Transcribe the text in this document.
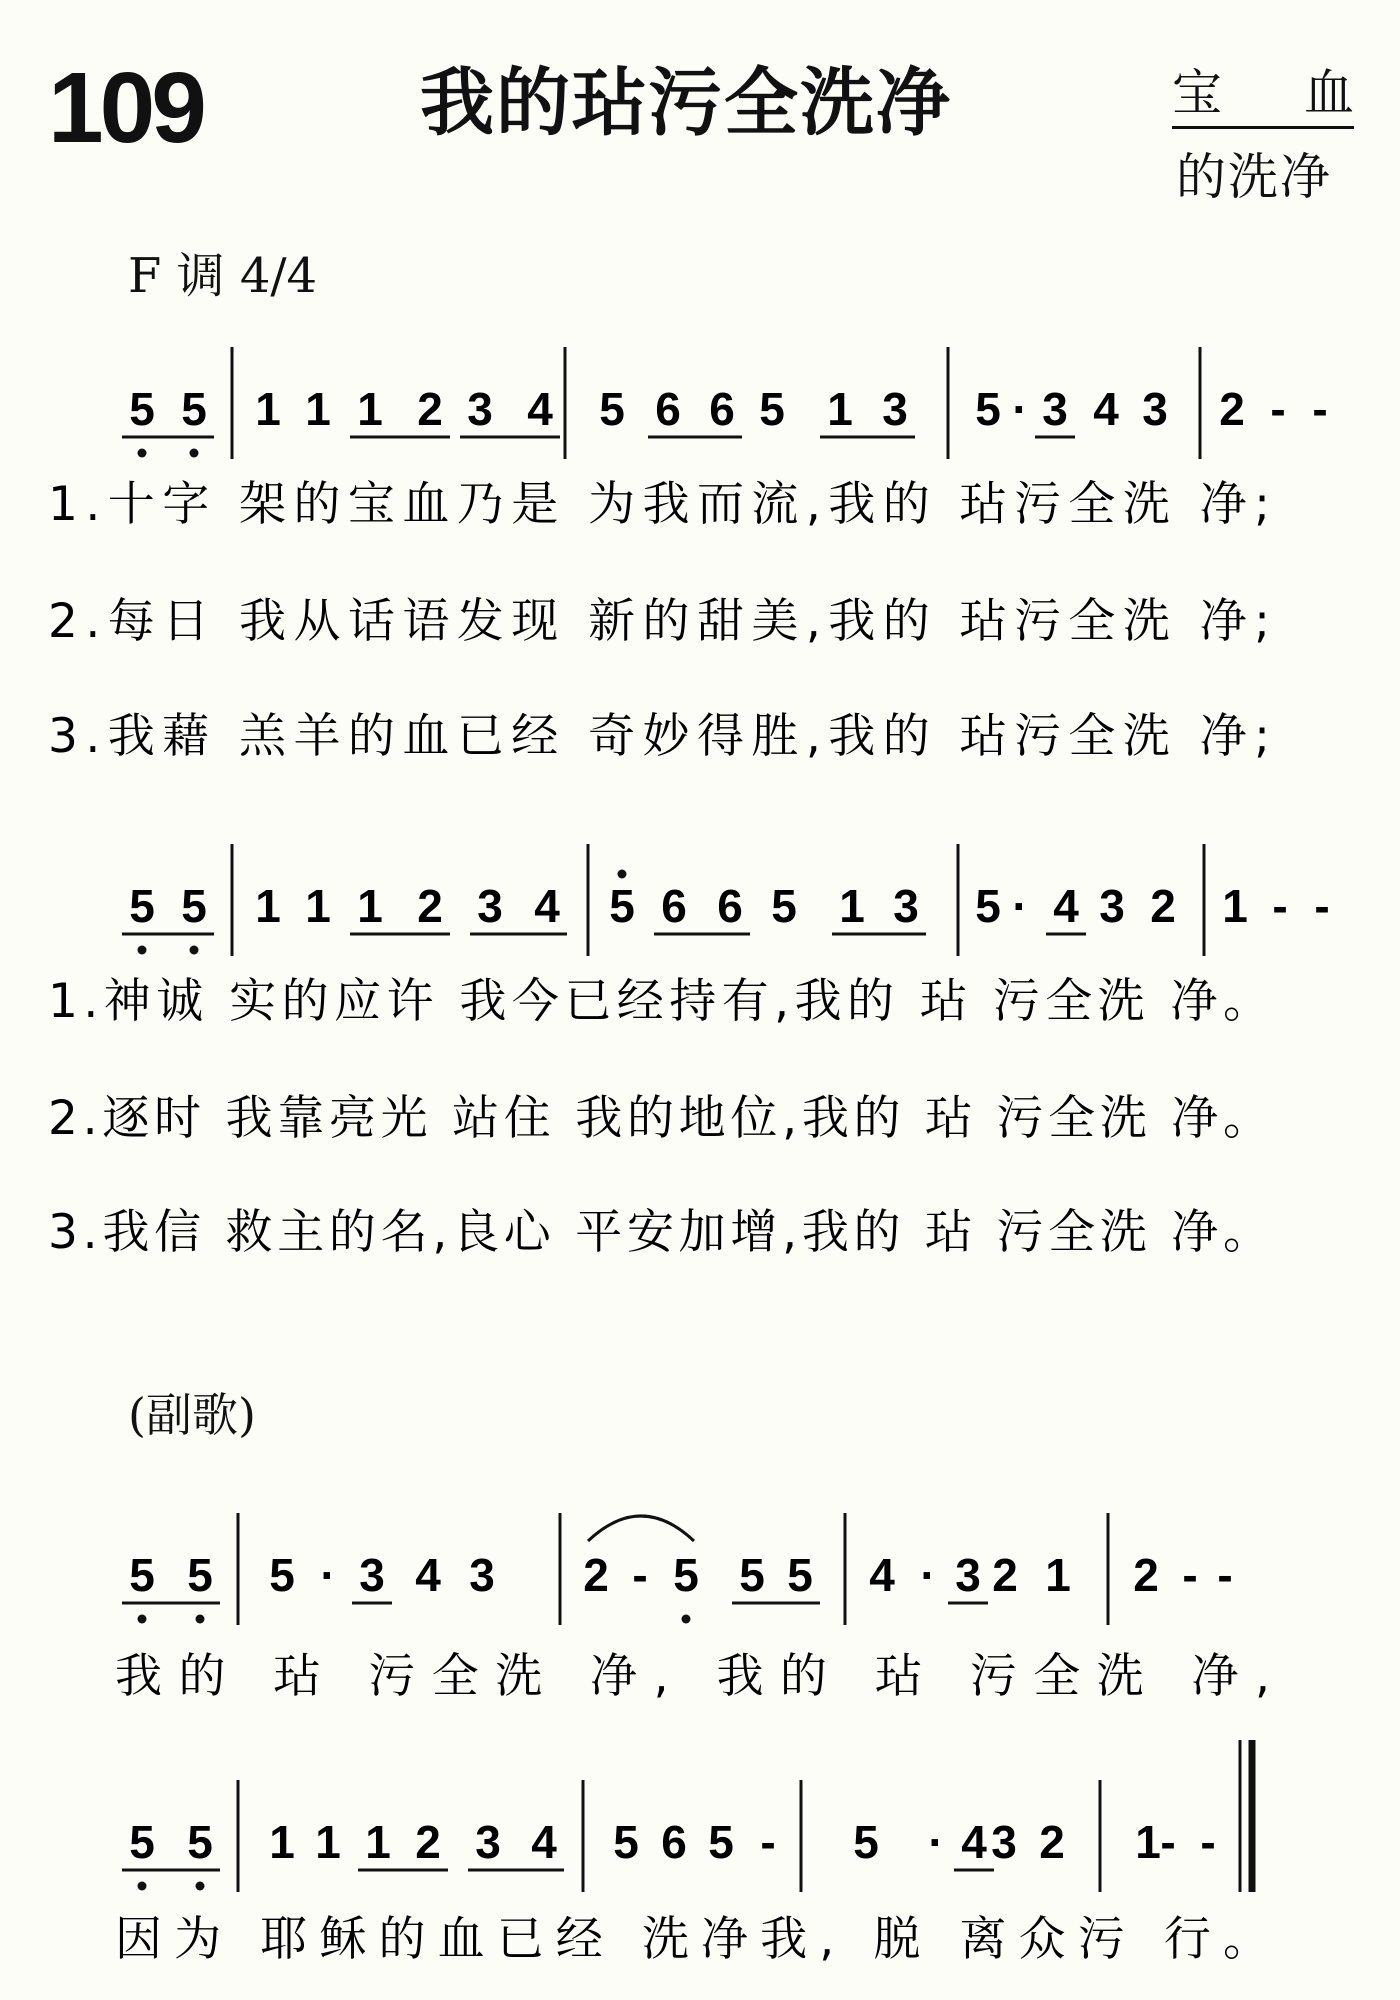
109	我的玷污全洗净	宝 血
的洗净
F 调 4/4
(副歌)
5 5 1 1 1 2 3 4 5 6 6 5 1 3 5 · 3 4 3 2 - -
1.十字 架的宝血乃是 为我而流,我的 玷污全洗 净;
2.每日 我从话语发现 新的甜美,我的 玷污全洗 净;
3.我藉 羔羊的血已经 奇妙得胜,我的 玷污全洗 净;
5 5 1 1 1 2 3 4 5 6 6 5 1 3 5 · 4 3 2 1 - -
1.神诚 实的应许 我今已经持有,我的 玷 污全洗 净。
2.逐时 我靠亮光 站住 我的地位,我的 玷 污全洗 净。
3.我信 救主的名,良心 平安加增,我的 玷 污全洗 净。
5 5 5 · 3 4 3 2 - 5 5 5 4 · 3 2 1 2 - -
我的 玷 污全洗 净, 我的 玷 污全洗 净,
5 5 1 1 1 2 3 4 5 6 5 - 5 · 4 3 2 1 - -
因为 耶稣的血已经 洗净我, 脱 离众污 行。
